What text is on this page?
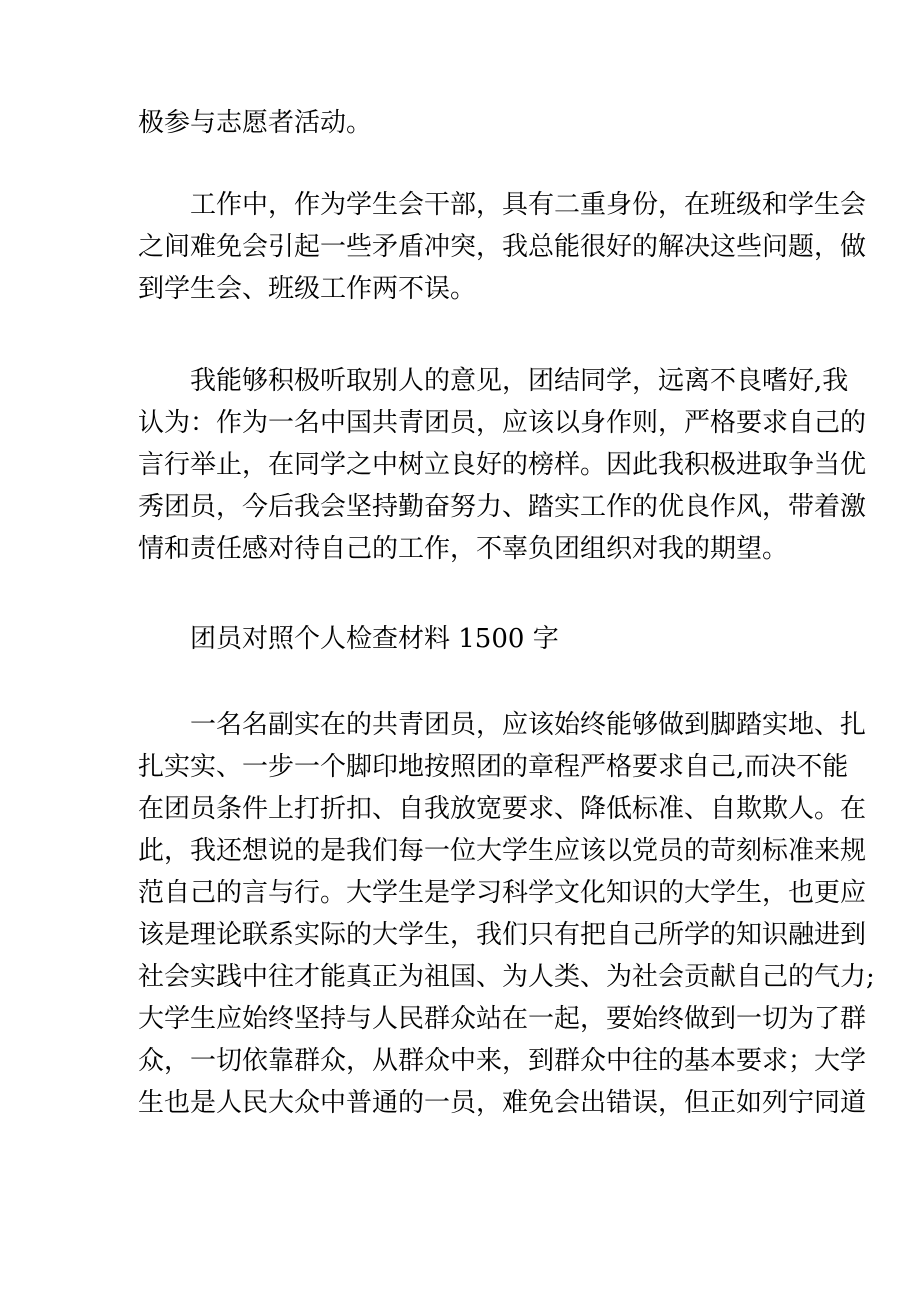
极参与志愿者活动。
工作中，作为学生会干部，具有二重身份，在班级和学生会
之间难免会引起一些矛盾冲突，我总能很好的解决这些问题，做
到学生会、班级工作两不误。
我能够积极听取别人的意见，团结同学，远离不良嗜好,我
认为：作为一名中国共青团员，应该以身作则，严格要求自己的
言行举止，在同学之中树立良好的榜样。因此我积极进取争当优
秀团员，今后我会坚持勤奋努力、踏实工作的优良作风，带着激
情和责任感对待自己的工作，不辜负团组织对我的期望。
团员对照个人检查材料 1500 字
一名名副实在的共青团员，应该始终能够做到脚踏实地、扎
扎实实、一步一个脚印地按照团的章程严格要求自己,而决不能
在团员条件上打折扣、自我放宽要求、降低标准、自欺欺人。在
此，我还想说的是我们每一位大学生应该以党员的苛刻标准来规
范自己的言与行。大学生是学习科学文化知识的大学生，也更应
该是理论联系实际的大学生，我们只有把自己所学的知识融进到
社会实践中往才能真正为祖国、为人类、为社会贡献自己的气力;
大学生应始终坚持与人民群众站在一起，要始终做到一切为了群
众，一切依靠群众，从群众中来，到群众中往的基本要求；大学
生也是人民大众中普通的一员，难免会出错误，但正如列宁同道
